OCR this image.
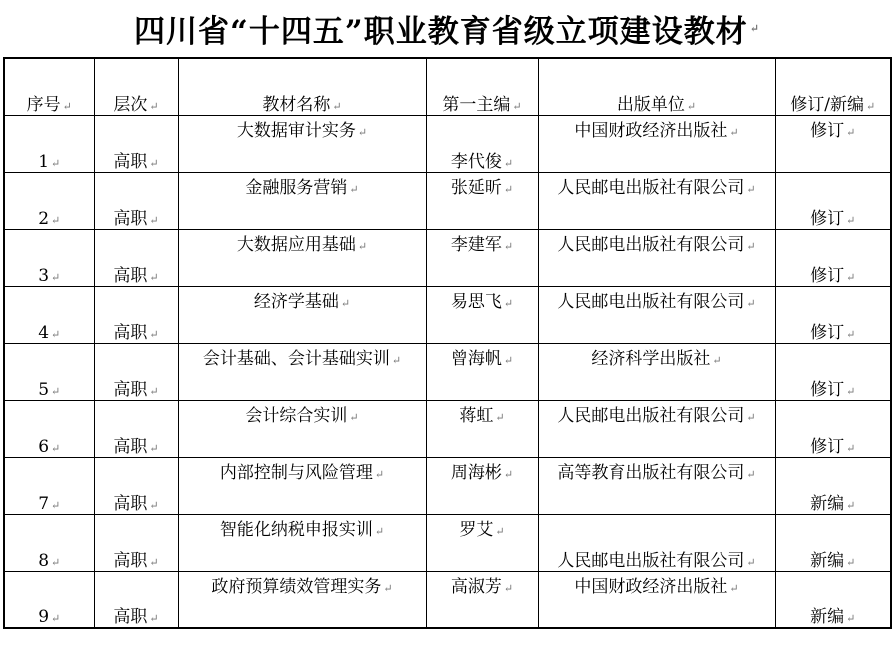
四川省“十四五”职业教育省级立项建设教材 ↵
序号 ↵	层次 ↵	教材名称 ↵	第一主编 ↵	出版单位 ↵	修订/新编 ↵
1 ↵	高职 ↵	大数据审计实务 ↵	李代俊 ↵	中国财政经济出版社 ↵	修订 ↵
2 ↵	高职 ↵	金融服务营销 ↵	张延昕 ↵	人民邮电出版社有限公司 ↵	修订 ↵
3 ↵	高职 ↵	大数据应用基础 ↵	李建军 ↵	人民邮电出版社有限公司 ↵	修订 ↵
4 ↵	高职 ↵	经济学基础 ↵	易思飞 ↵	人民邮电出版社有限公司 ↵	修订 ↵
5 ↵	高职 ↵	会计基础、会计基础实训 ↵	曾海帆 ↵	经济科学出版社 ↵	修订 ↵
6 ↵	高职 ↵	会计综合实训 ↵	蒋虹 ↵	人民邮电出版社有限公司 ↵	修订 ↵
7 ↵	高职 ↵	内部控制与风险管理 ↵	周海彬 ↵	高等教育出版社有限公司 ↵	新编 ↵
8 ↵	高职 ↵	智能化纳税申报实训 ↵	罗艾 ↵	人民邮电出版社有限公司 ↵	新编 ↵
9 ↵	高职 ↵	政府预算绩效管理实务 ↵	高淑芳 ↵	中国财政经济出版社 ↵	新编 ↵
